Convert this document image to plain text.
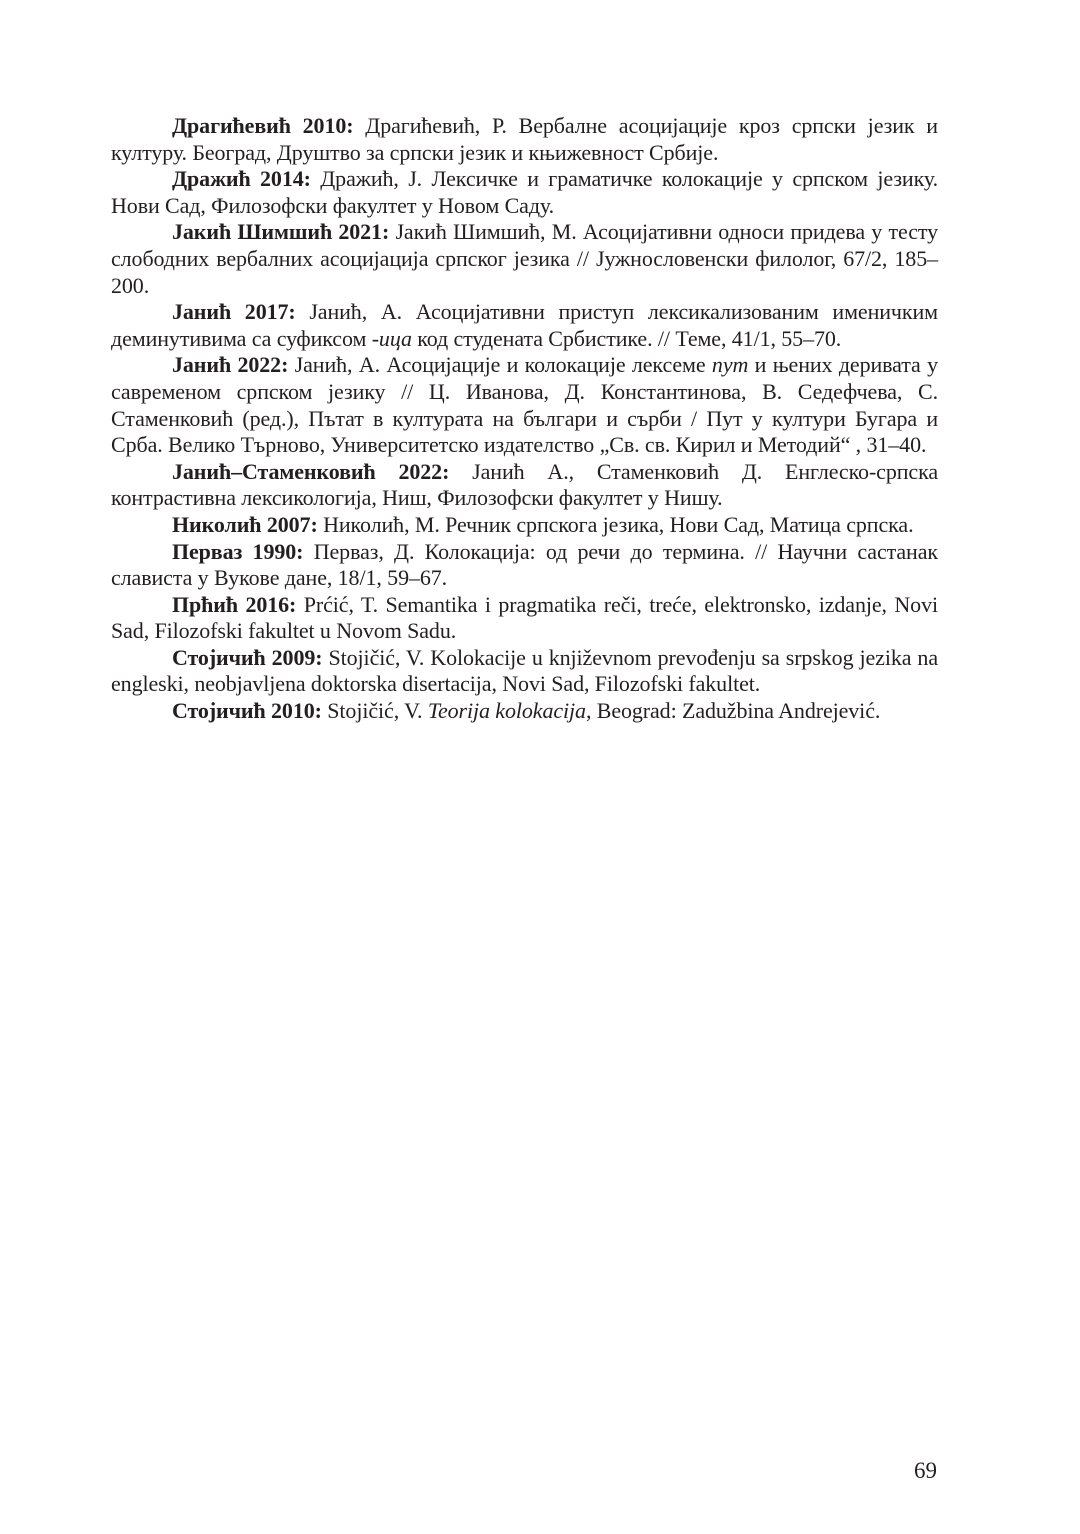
Драгићевић 2010: Драгићевић, Р. Вербалне асоцијације кроз српски језик и културу. Београд, Друштво за српски језик и књижевност Србије.

Дражић 2014: Дражић, Ј. Лексичке и граматичке колокације у српском језику. Нови Сад, Филозофски факултет у Новом Саду.

Јакић Шимшић 2021: Јакић Шимшић, М. Асоцијативни односи придева у тесту слободних вербалних асоцијација српског језика // Јужнословенски филолог, 67/2, 185–200.

Јанић 2017: Јанић, А. Асоцијативни приступ лексикализованим именичким деминутивима са суфиксом -ица код студената Србистике. // Теме, 41/1, 55–70.

Јанић 2022: Јанић, А. Асоцијације и колокације лексеме пут и њених деривата у савременом српском језику // Ц. Иванова, Д. Константинова, В. Седефчева, С. Стаменковић (ред.), Пътат в културата на българи и сърби / Пут у култури Бугара и Срба. Велико Търново, Университетско издателство „Св. св. Кирил и Методий“ , 31–40.

Јанић–Стаменковић 2022: Јанић А., Стаменковић Д. Енглеско-српска контрастивна лексикологија, Ниш, Филозофски факултет у Нишу.

Николић 2007: Николић, М. Речник српскога језика, Нови Сад, Матица српска.

Перваз 1990: Перваз, Д. Колокација: од речи до термина. // Научни састанак слависта у Вукове дане, 18/1, 59–67.

Прћић 2016: Prćić, T. Semantika i pragmatika reči, treće, elektronsko, izdanje, Novi Sad, Filozofski fakultet u Novom Sadu.

Стојичић 2009: Stojičić, V. Kolokacije u književnom prevođenju sa srpskog jezika na engleski, neobjavljena doktorska disertacija, Novi Sad, Filozofski fakultet.

Стојичић 2010: Stojičić, V. Teorija kolokacija, Beograd: Zadužbina Andrejević.

69
